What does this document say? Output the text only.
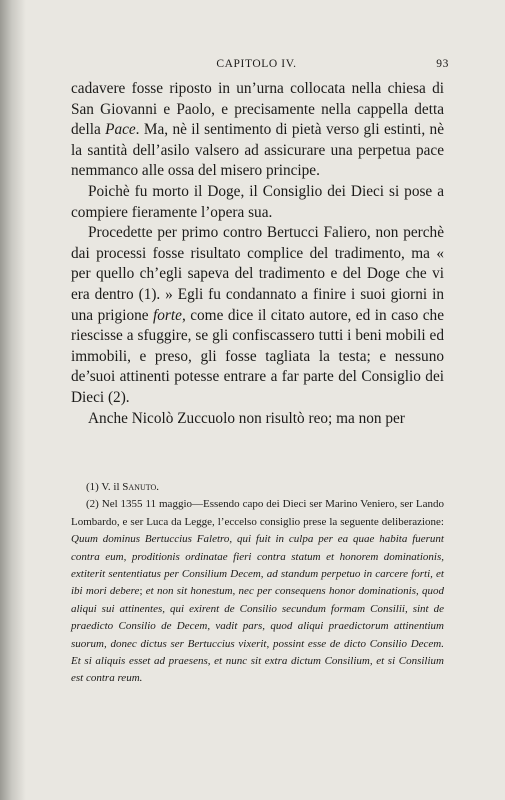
CAPITOLO IV.	93

cadavere fosse riposto in un’urna collocata nella chiesa di San Giovanni e Paolo, e precisamente nella cappella detta della Pace. Ma, nè il sentimento di pietà verso gli estinti, nè la santità dell’asilo valsero ad assicurare una perpetua pace nemmanco alle ossa del misero principe.

Poichè fu morto il Doge, il Consiglio dei Dieci si pose a compiere fieramente l’opera sua.

Procedette per primo contro Bertucci Faliero, non perchè dai processi fosse risultato complice del tradimento, ma « per quello ch’egli sapeva del tradimento e del Doge che vi era dentro (1). » Egli fu condannato a finire i suoi giorni in una prigione forte, come dice il citato autore, ed in caso che riescisse a sfuggire, se gli confiscassero tutti i beni mobili ed immobili, e preso, gli fosse tagliata la testa; e nessuno de’suoi attinenti potesse entrare a far parte del Consiglio dei Dieci (2).

Anche Nicolò Zuccuolo non risultò reo; ma non per

(1) V. il Sanuto.

(2) Nel 1355 11 maggio—Essendo capo dei Dieci ser Marino Veniero, ser Lando Lombardo, e ser Luca da Legge, l’eccelso consiglio prese la seguente deliberazione: Quum dominus Bertuccius Faletro, qui fuit in culpa per ea quae habita fuerunt contra eum, proditionis ordinatae fieri contra statum et honorem dominationis, extiterit sententiatus per Consilium Decem, ad standum perpetuo in carcere forti, et ibi mori debere; et non sit honestum, nec per consequens honor dominationis, quod aliqui sui attinentes, qui exirent de Consilio secundum formam Consilii, sint de praedicto Consilio de Decem, vadit pars, quod aliqui praedictorum attinentium suorum, donec dictus ser Bertuccius vixerit, possint esse de dicto Consilio Decem. Et si aliquis esset ad praesens, et nunc sit extra dictum Consilium, et si Consilium est contra reum.
